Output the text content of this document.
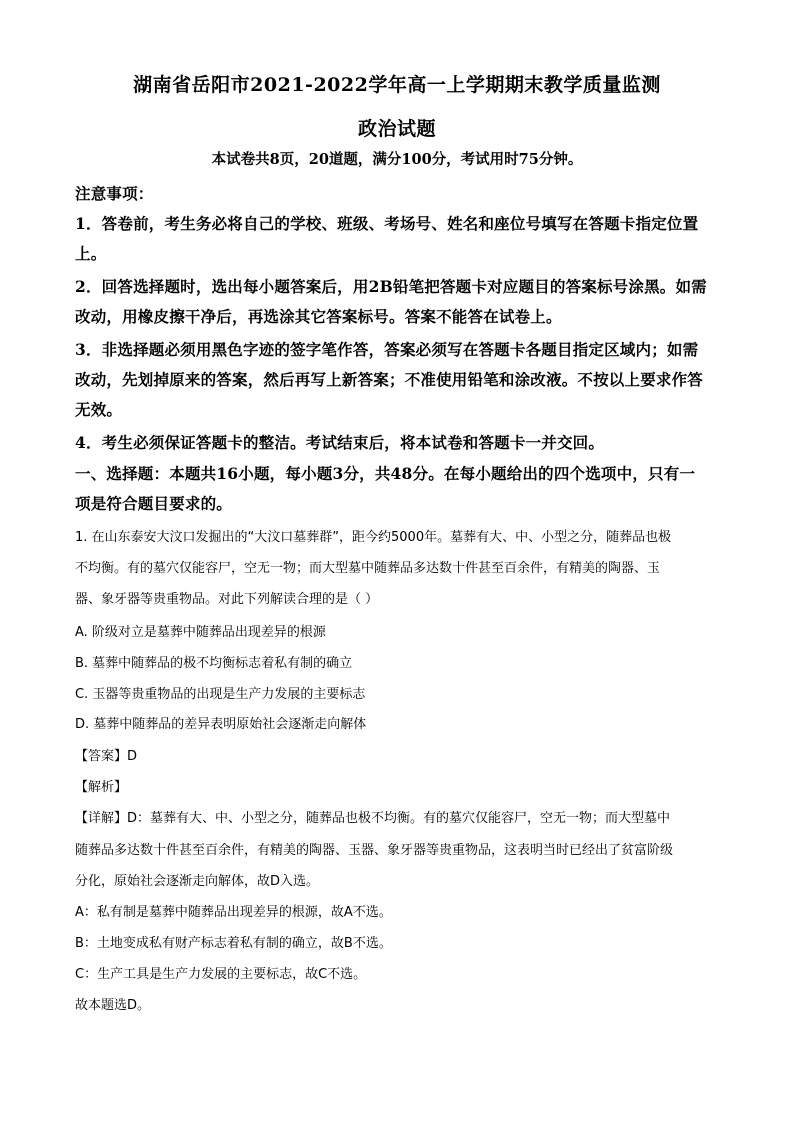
湖南省岳阳市2021-2022学年高一上学期期末教学质量监测
政治试题
本试卷共8页，20道题，满分100分，考试用时75分钟。
注意事项：
1．答卷前，考生务必将自己的学校、班级、考场号、姓名和座位号填写在答题卡指定位置
上。
2．回答选择题时，选出每小题答案后，用2B铅笔把答题卡对应题目的答案标号涂黑。如需
改动，用橡皮擦干净后，再选涂其它答案标号。答案不能答在试卷上。
3．非选择题必须用黑色字迹的签字笔作答，答案必须写在答题卡各题目指定区域内；如需
改动，先划掉原来的答案，然后再写上新答案；不准使用铅笔和涂改液。不按以上要求作答
无效。
4．考生必须保证答题卡的整洁。考试结束后，将本试卷和答题卡一并交回。
一、选择题：本题共16小题，每小题3分，共48分。在每小题给出的四个选项中，只有一
项是符合题目要求的。
1. 在山东泰安大汶口发掘出的“大汶口墓葬群”，距今约5000年。墓葬有大、中、小型之分，随葬品也极
不均衡。有的墓穴仅能容尸，空无一物；而大型墓中随葬品多达数十件甚至百余件，有精美的陶器、玉
器、象牙器等贵重物品。对此下列解读合理的是（ ）
A. 阶级对立是墓葬中随葬品出现差异的根源
B. 墓葬中随葬品的极不均衡标志着私有制的确立
C. 玉器等贵重物品的出现是生产力发展的主要标志
D. 墓葬中随葬品的差异表明原始社会逐渐走向解体
【答案】D
【解析】
【详解】D：墓葬有大、中、小型之分，随葬品也极不均衡。有的墓穴仅能容尸，空无一物；而大型墓中
随葬品多达数十件甚至百余件，有精美的陶器、玉器、象牙器等贵重物品，这表明当时已经出了贫富阶级
分化，原始社会逐渐走向解体，故D入选。
A：私有制是墓葬中随葬品出现差异的根源，故A不选。
B：土地变成私有财产标志着私有制的确立，故B不选。
C：生产工具是生产力发展的主要标志，故C不选。
故本题选D。
